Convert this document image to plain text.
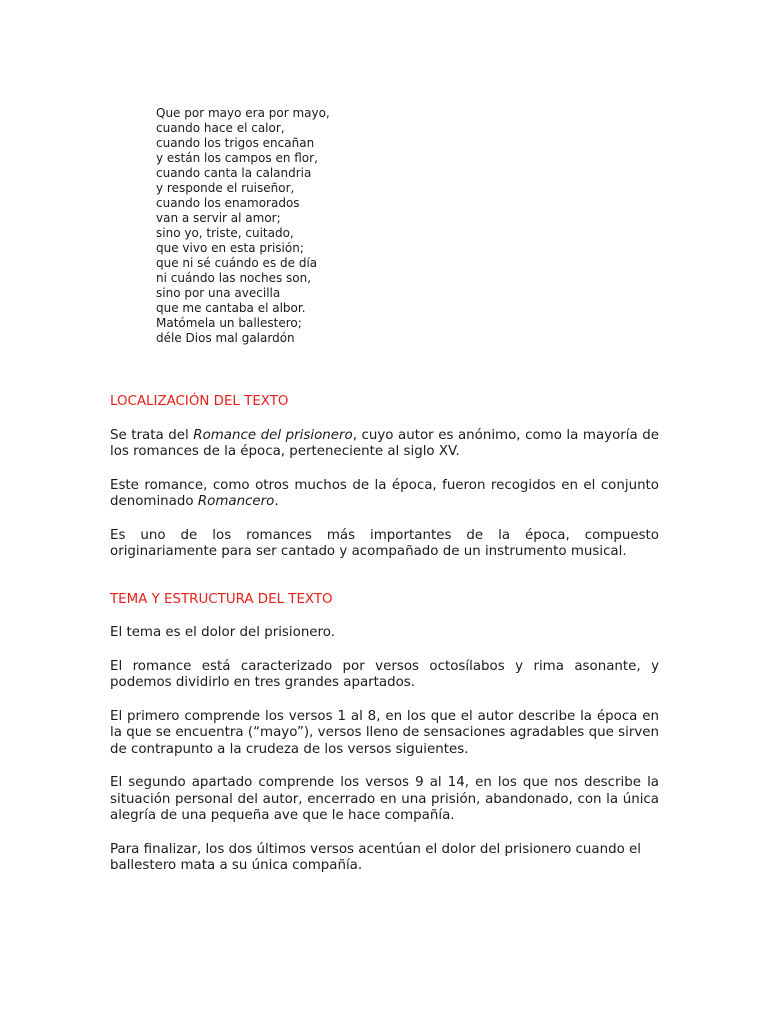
Que por mayo era por mayo,
cuando hace el calor,
cuando los trigos encañan
y están los campos en flor,
cuando canta la calandria
y responde el ruiseñor,
cuando los enamorados
van a servir al amor;
sino yo, triste, cuitado,
que vivo en esta prisión;
que ni sé cuándo es de día
ni cuándo las noches son,
sino por una avecilla
que me cantaba el albor.
Matómela un ballestero;
déle Dios mal galardón
LOCALIZACIÓN DEL TEXTO

Se trata del Romance del prisionero, cuyo autor es anónimo, como la mayoría de los romances de la época, perteneciente al siglo XV.

Este romance, como otros muchos de la época, fueron recogidos en el conjunto denominado Romancero.

Es uno de los romances más importantes de la época, compuesto originariamente para ser cantado y acompañado de un instrumento musical.

TEMA Y ESTRUCTURA DEL TEXTO

El tema es el dolor del prisionero.

El romance está caracterizado por versos octosílabos y rima asonante, y podemos dividirlo en tres grandes apartados.

El primero comprende los versos 1 al 8, en los que el autor describe la época en la que se encuentra (“mayo”), versos lleno de sensaciones agradables que sirven de contrapunto a la crudeza de los versos siguientes.

El segundo apartado comprende los versos 9 al 14, en los que nos describe la situación personal del autor, encerrado en una prisión, abandonado, con la única alegría de una pequeña ave que le hace compañía.

Para finalizar, los dos últimos versos acentúan el dolor del prisionero cuando el ballestero mata a su única compañía.
